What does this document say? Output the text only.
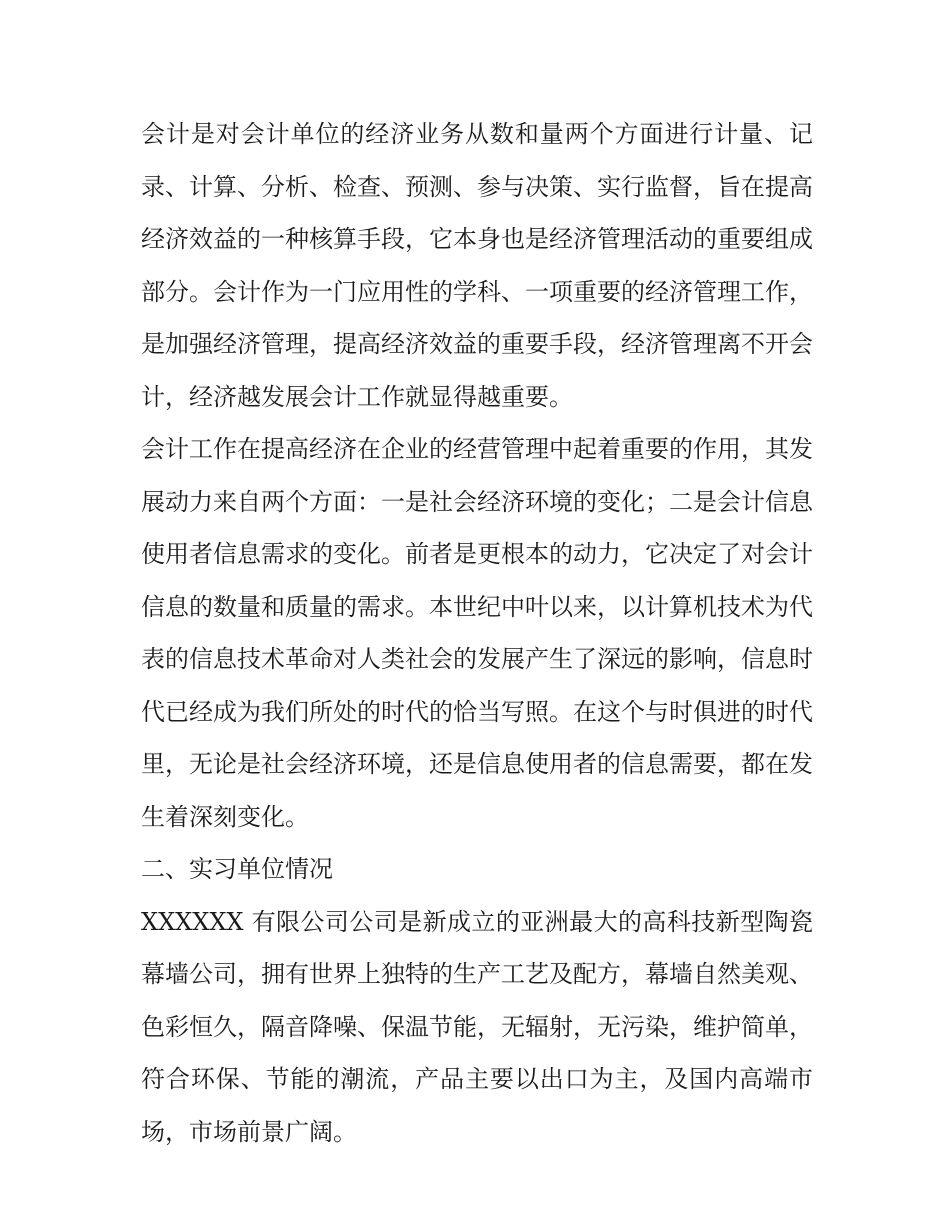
会计是对会计单位的经济业务从数和量两个方面进行计量、记录、计算、分析、检查、预测、参与决策、实行监督，旨在提高经济效益的一种核算手段，它本身也是经济管理活动的重要组成部分。会计作为一门应用性的学科、一项重要的经济管理工作，是加强经济管理，提高经济效益的重要手段，经济管理离不开会计，经济越发展会计工作就显得越重要。

会计工作在提高经济在企业的经营管理中起着重要的作用，其发展动力来自两个方面：一是社会经济环境的变化；二是会计信息使用者信息需求的变化。前者是更根本的动力，它决定了对会计信息的数量和质量的需求。本世纪中叶以来，以计算机技术为代表的信息技术革命对人类社会的发展产生了深远的影响，信息时代已经成为我们所处的时代的恰当写照。在这个与时俱进的时代里，无论是社会经济环境，还是信息使用者的信息需要，都在发生着深刻变化。

二、实习单位情况

XXXXXX 有限公司公司是新成立的亚洲最大的高科技新型陶瓷幕墙公司，拥有世界上独特的生产工艺及配方，幕墙自然美观、色彩恒久，隔音降噪、保温节能，无辐射，无污染，维护简单，符合环保、节能的潮流，产品主要以出口为主，及国内高端市场，市场前景广阔。
